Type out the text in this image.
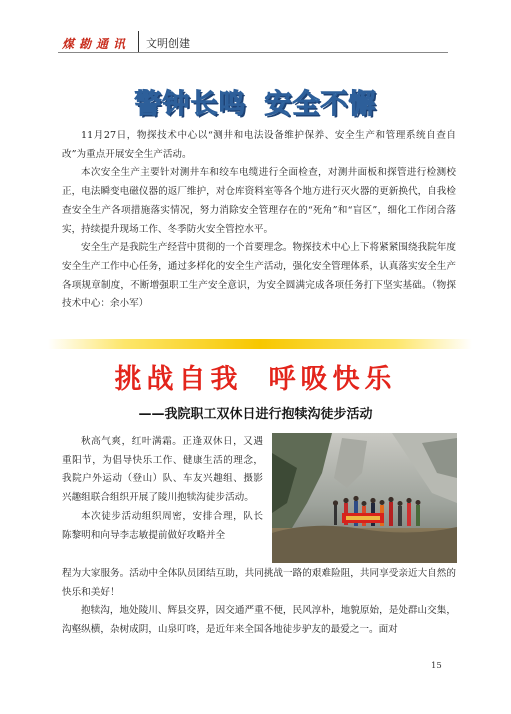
煤勘通讯 文明创建
警钟长鸣 安全不懈

11月27日，物探技术中心以“测井和电法设备维护保养、安全生产和管理系统自查自改”为重点开展安全生产活动。

本次安全生产主要针对测井车和绞车电缆进行全面检查，对测井面板和探管进行检测校正，电法瞬变电磁仪器的返厂维护，对仓库资料室等各个地方进行灭火器的更新换代，自我检查安全生产各项措施落实情况，努力消除安全管理存在的“死角”和“盲区”，细化工作闭合落实，持续提升现场工作、冬季防火安全管控水平。

安全生产是我院生产经营中贯彻的一个首要理念。物探技术中心上下将紧紧围绕我院年度安全生产工作中心任务，通过多样化的安全生产活动，强化安全管理体系，认真落实安全生产各项规章制度，不断增强职工生产安全意识，为安全圆满完成各项任务打下坚实基础。（物探技术中心：余小军）

挑战自我 呼吸快乐
——我院职工双休日进行抱犊沟徒步活动

秋高气爽，红叶满霜。正逢双休日，又遇重阳节，为倡导快乐工作、健康生活的理念，我院户外运动（登山）队、车友兴趣组、摄影兴趣组联合组织开展了陵川抱犊沟徒步活动。

本次徒步活动组织周密，安排合理，队长陈黎明和向导李志敏提前做好攻略并全

程为大家服务。活动中全体队员团结互助，共同挑战一路的艰难险阻，共同享受亲近大自然的快乐和美好！

抱犊沟，地处陵川、辉县交界，因交通严重不便，民风淳朴，地貌原始，是处群山交集，沟壑纵横，杂树成阴，山泉叮咚，是近年来全国各地徒步驴友的最爱之一。面对

15
